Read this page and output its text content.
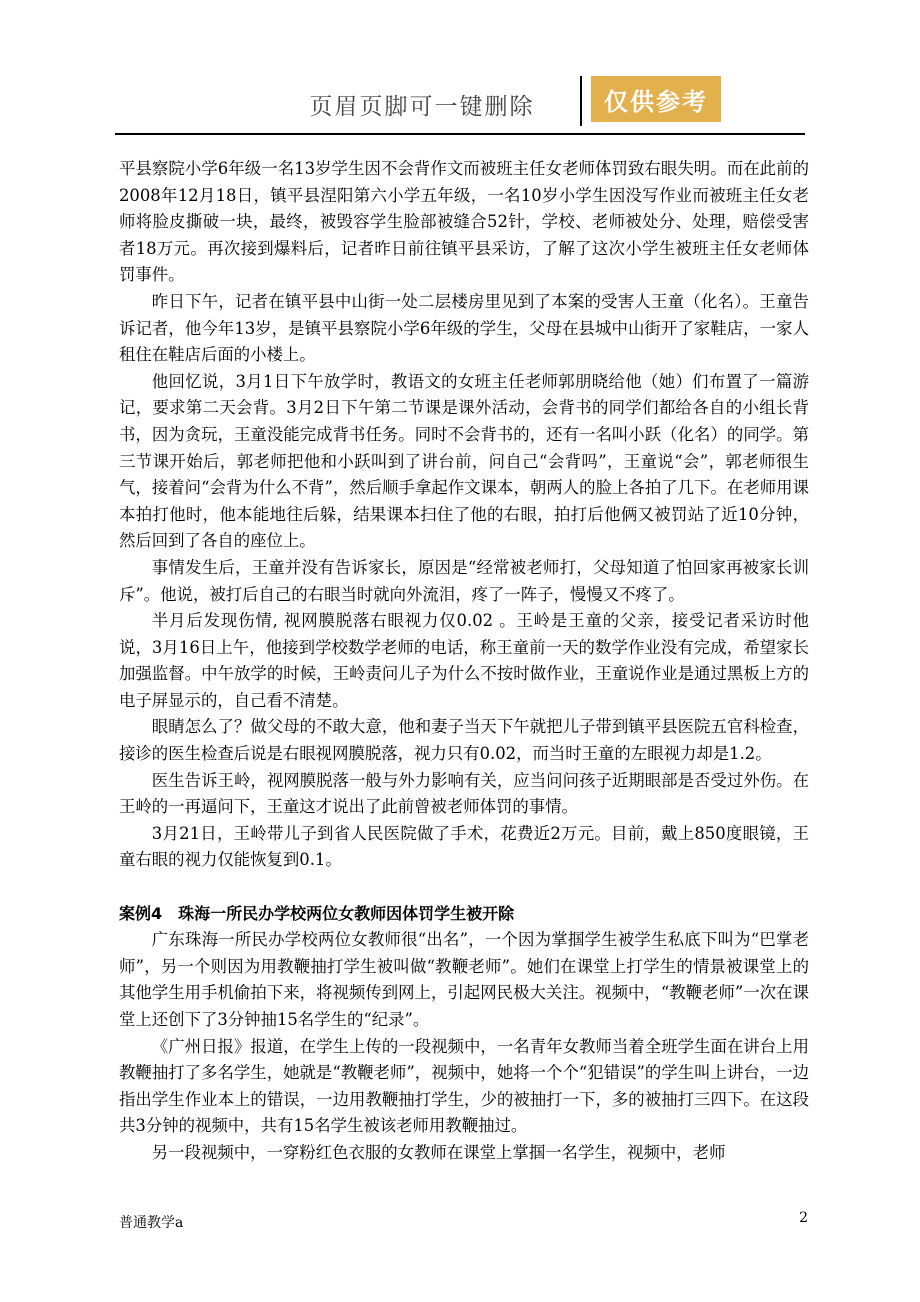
页眉页脚可一键删除	仅供参考

平县察院小学6年级一名13岁学生因不会背作文而被班主任女老师体罚致右眼失明。而在此前的2008年12月18日，镇平县涅阳第六小学五年级，一名10岁小学生因没写作业而被班主任女老师将脸皮撕破一块，最终，被毁容学生脸部被缝合52针，学校、老师被处分、处理，赔偿受害者18万元。再次接到爆料后，记者昨日前往镇平县采访，了解了这次小学生被班主任女老师体罚事件。

昨日下午，记者在镇平县中山街一处二层楼房里见到了本案的受害人王童（化名）。王童告诉记者，他今年13岁，是镇平县察院小学6年级的学生，父母在县城中山街开了家鞋店，一家人租住在鞋店后面的小楼上。

他回忆说，3月1日下午放学时，教语文的女班主任老师郭朋晓给他（她）们布置了一篇游记，要求第二天会背。3月2日下午第二节课是课外活动，会背书的同学们都给各自的小组长背书，因为贪玩，王童没能完成背书任务。同时不会背书的，还有一名叫小跃（化名）的同学。第三节课开始后，郭老师把他和小跃叫到了讲台前，问自己“会背吗”，王童说“会”，郭老师很生气，接着问“会背为什么不背”，然后顺手拿起作文课本，朝两人的脸上各拍了几下。在老师用课本拍打他时，他本能地往后躲，结果课本扫住了他的右眼，拍打后他俩又被罚站了近10分钟，然后回到了各自的座位上。

事情发生后，王童并没有告诉家长，原因是“经常被老师打，父母知道了怕回家再被家长训斥”。他说，被打后自己的右眼当时就向外流泪，疼了一阵子，慢慢又不疼了。

半月后发现伤情, 视网膜脱落右眼视力仅0.02 。王岭是王童的父亲，接受记者采访时他说，3月16日上午，他接到学校数学老师的电话，称王童前一天的数学作业没有完成，希望家长加强监督。中午放学的时候，王岭责问儿子为什么不按时做作业，王童说作业是通过黑板上方的电子屏显示的，自己看不清楚。

眼睛怎么了？做父母的不敢大意，他和妻子当天下午就把儿子带到镇平县医院五官科检查，接诊的医生检查后说是右眼视网膜脱落，视力只有0.02，而当时王童的左眼视力却是1.2。

医生告诉王岭，视网膜脱落一般与外力影响有关，应当问问孩子近期眼部是否受过外伤。在王岭的一再逼问下，王童这才说出了此前曾被老师体罚的事情。

3月21日，王岭带儿子到省人民医院做了手术，花费近2万元。目前，戴上850度眼镜，王童右眼的视力仅能恢复到0.1。

案例4　珠海一所民办学校两位女教师因体罚学生被开除

广东珠海一所民办学校两位女教师很“出名”，一个因为掌掴学生被学生私底下叫为“巴掌老师”，另一个则因为用教鞭抽打学生被叫做“教鞭老师”。她们在课堂上打学生的情景被课堂上的其他学生用手机偷拍下来，将视频传到网上，引起网民极大关注。视频中，“教鞭老师”一次在课堂上还创下了3分钟抽15名学生的“纪录”。

《广州日报》报道，在学生上传的一段视频中，一名青年女教师当着全班学生面在讲台上用教鞭抽打了多名学生，她就是“教鞭老师”，视频中，她将一个个“犯错误”的学生叫上讲台，一边指出学生作业本上的错误，一边用教鞭抽打学生，少的被抽打一下，多的被抽打三四下。在这段共3分钟的视频中，共有15名学生被该老师用教鞭抽过。

另一段视频中，一穿粉红色衣服的女教师在课堂上掌掴一名学生，视频中，老师

普通教学a	2
